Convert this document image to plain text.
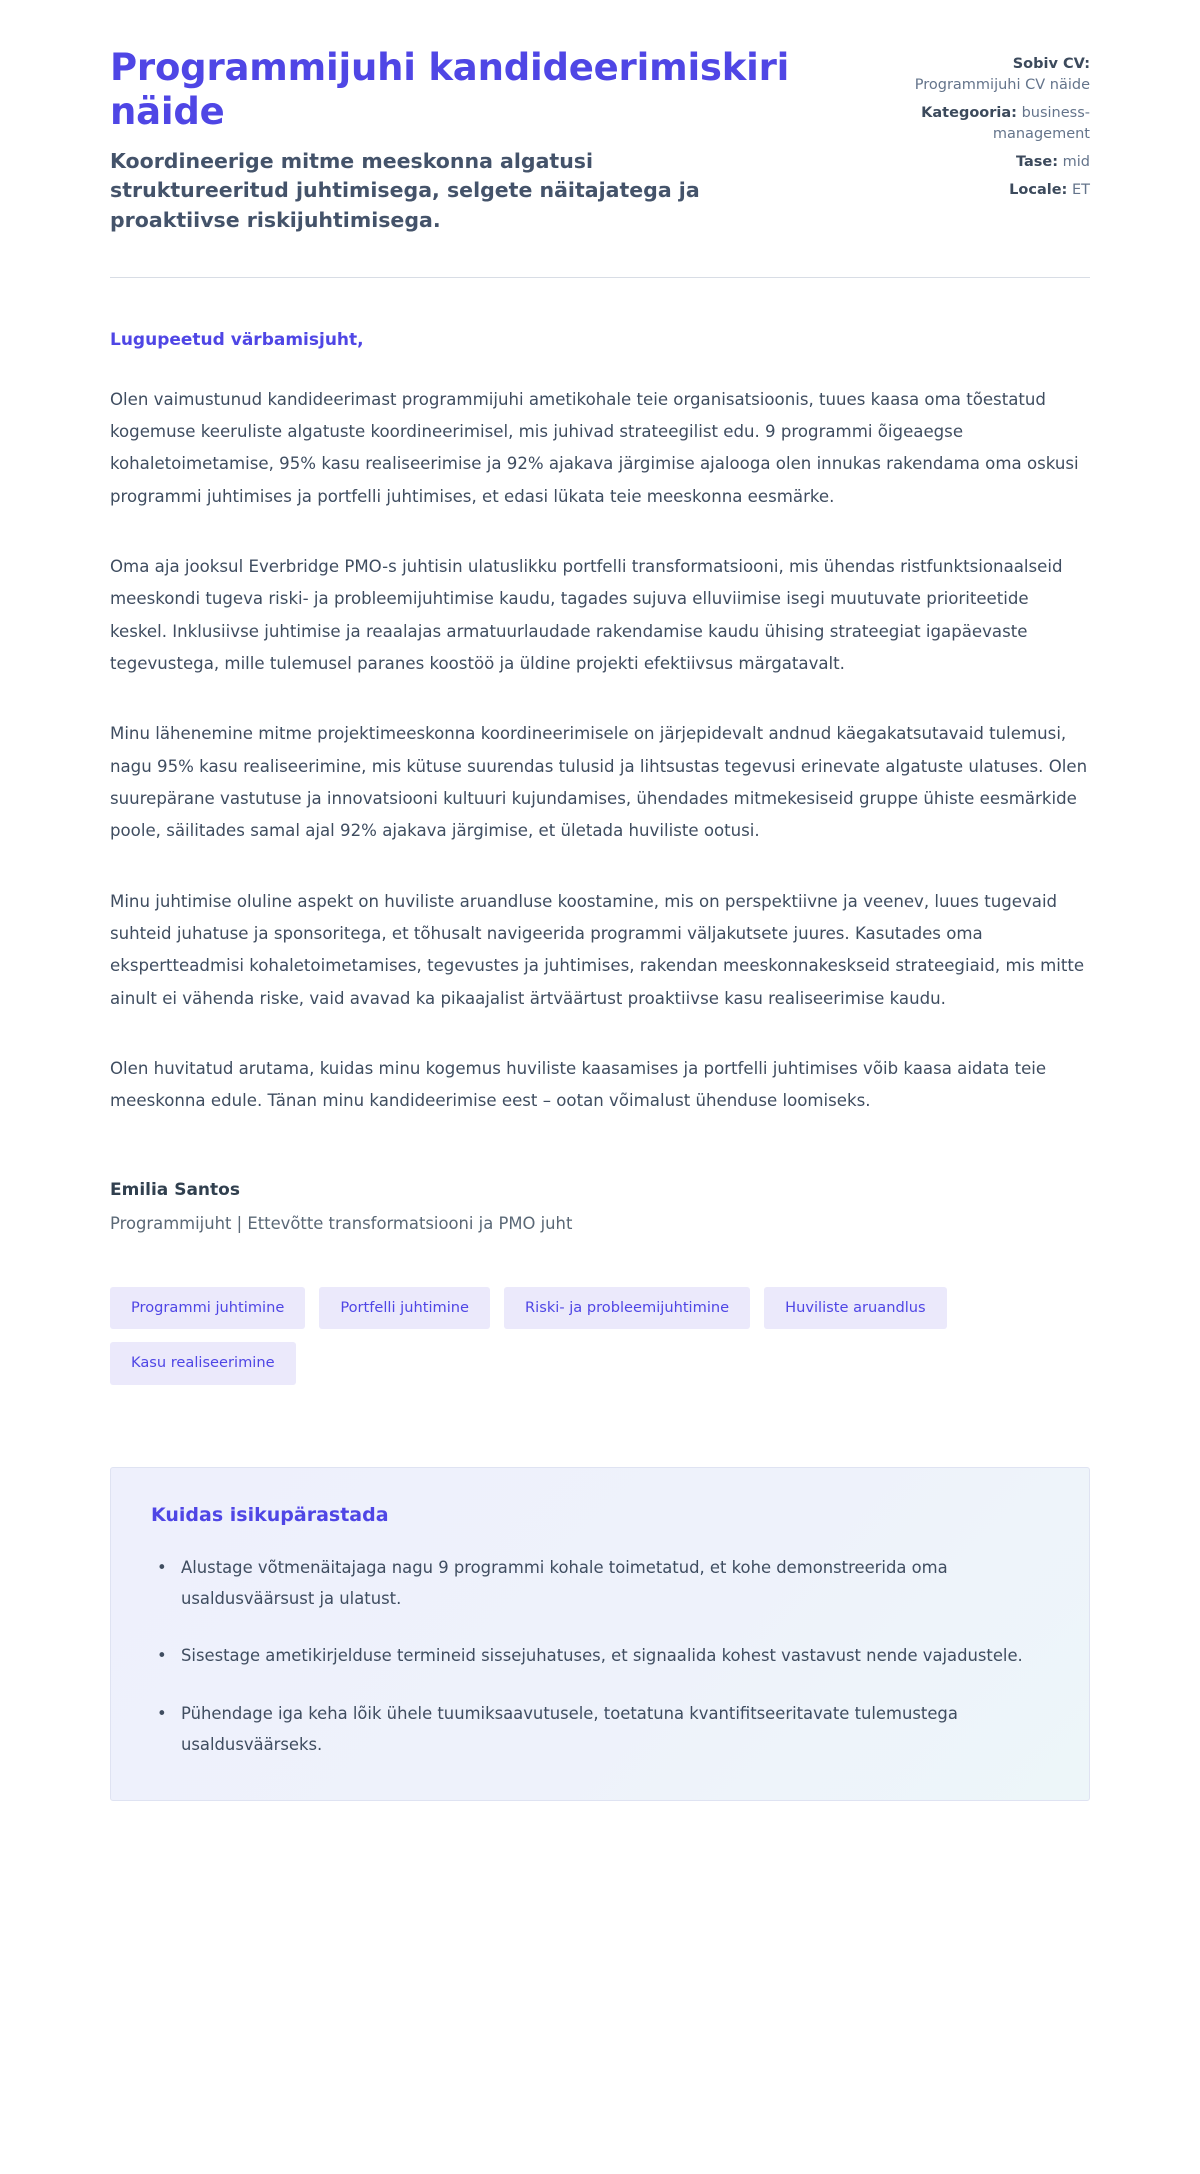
Programmijuhi kandideerimiskiri näide

Koordineerige mitme meeskonna algatusi struktureeritud juhtimisega, selgete näitajatega ja proaktiivse riskijuhtimisega.

Sobiv CV: Programmijuhi CV näide
Kategooria: business-management
Tase: mid
Locale: ET

Lugupeetud värbamisjuht,

Olen vaimustunud kandideerimast programmijuhi ametikohale teie organisatsioonis, tuues kaasa oma tõestatud kogemuse keeruliste algatuste koordineerimisel, mis juhivad strateegilist edu. 9 programmi õigeaegse kohaletoimetamise, 95% kasu realiseerimise ja 92% ajakava järgimise ajalooga olen innukas rakendama oma oskusi programmi juhtimises ja portfelli juhtimises, et edasi lükata teie meeskonna eesmärke.

Oma aja jooksul Everbridge PMO-s juhtisin ulatuslikku portfelli transformatsiooni, mis ühendas ristfunktsionaalseid meeskondi tugeva riski- ja probleemijuhtimise kaudu, tagades sujuva elluviimise isegi muutuvate prioriteetide keskel. Inklusiivse juhtimise ja reaalajas armatuurlaudade rakendamise kaudu ühising strateegiat igapäevaste tegevustega, mille tulemusel paranes koostöö ja üldine projekti efektiivsus märgatavalt.

Minu lähenemine mitme projektimeeskonna koordineerimisele on järjepidevalt andnud käegakatsutavaid tulemusi, nagu 95% kasu realiseerimine, mis kütuse suurendas tulusid ja lihtsustas tegevusi erinevate algatuste ulatuses. Olen suurepärane vastutuse ja innovatsiooni kultuuri kujundamises, ühendades mitmekesiseid gruppe ühiste eesmärkide poole, säilitades samal ajal 92% ajakava järgimise, et ületada huviliste ootusi.

Minu juhtimise oluline aspekt on huviliste aruandluse koostamine, mis on perspektiivne ja veenev, luues tugevaid suhteid juhatuse ja sponsoritega, et tõhusalt navigeerida programmi väljakutsete juures. Kasutades oma ekspertteadmisi kohaletoimetamises, tegevustes ja juhtimises, rakendan meeskonnakeskseid strateegiaid, mis mitte ainult ei vähenda riske, vaid avavad ka pikaajalist ärtväärtust proaktiivse kasu realiseerimise kaudu.

Olen huvitatud arutama, kuidas minu kogemus huviliste kaasamises ja portfelli juhtimises võib kaasa aidata teie meeskonna edule. Tänan minu kandideerimise eest – ootan võimalust ühenduse loomiseks.

Emilia Santos

Programmijuht | Ettevõtte transformatsiooni ja PMO juht

Programmi juhtimine	Portfelli juhtimine	Riski- ja probleemijuhtimine	Huviliste aruandlus
Kasu realiseerimine
Kuidas isikupärastada
• Alustage võtmenäitajaga nagu 9 programmi kohale toimetatud, et kohe demonstreerida oma usaldusväärsust ja ulatust.
• Sisestage ametikirjelduse termineid sissejuhatuses, et signaalida kohest vastavust nende vajadustele.
• Pühendage iga keha lõik ühele tuumiksaavutusele, toetatuna kvantifitseeritavate tulemustega usaldusväärseks.
